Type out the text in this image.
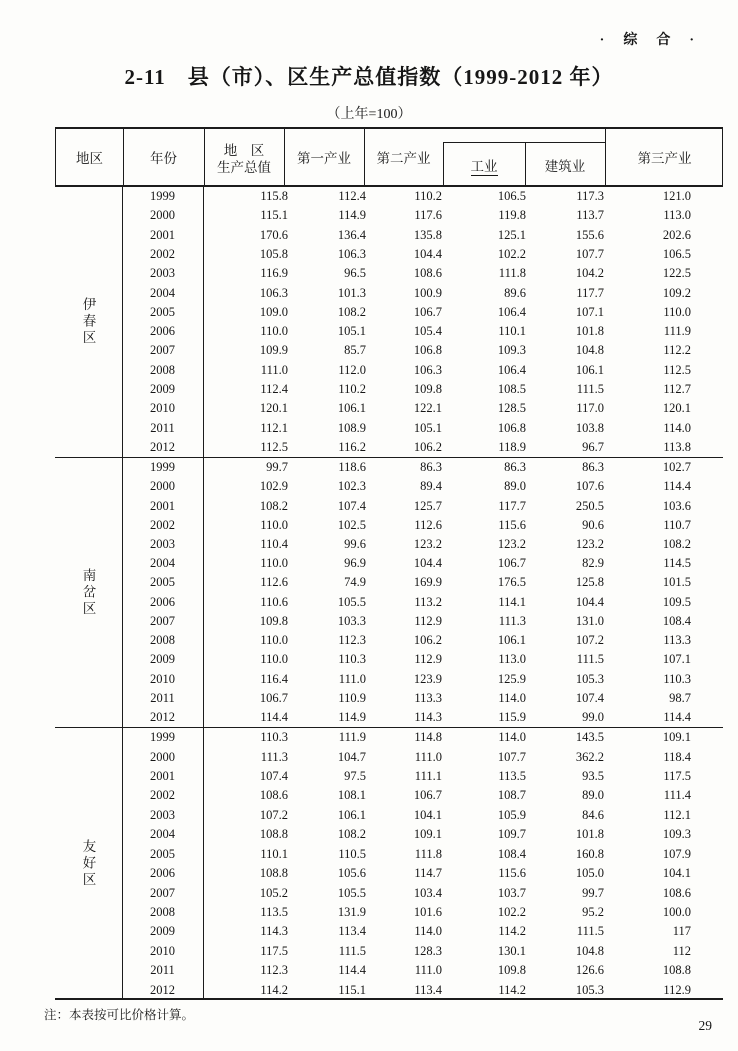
·  综  合  ·
2-11　县（市）、区生产总值指数（1999-2012 年）
（上年=100）
地区	年份
地　区
生产总值
第一产业	第二产业
工业	建筑业
第三产业
伊春区
1999	115.8	112.4	110.2	106.5	117.3	121.0
2000	115.1	114.9	117.6	119.8	113.7	113.0
2001	170.6	136.4	135.8	125.1	155.6	202.6
2002	105.8	106.3	104.4	102.2	107.7	106.5
2003	116.9	96.5	108.6	111.8	104.2	122.5
2004	106.3	101.3	100.9	89.6	117.7	109.2
2005	109.0	108.2	106.7	106.4	107.1	110.0
2006	110.0	105.1	105.4	110.1	101.8	111.9
2007	109.9	85.7	106.8	109.3	104.8	112.2
2008	111.0	112.0	106.3	106.4	106.1	112.5
2009	112.4	110.2	109.8	108.5	111.5	112.7
2010	120.1	106.1	122.1	128.5	117.0	120.1
2011	112.1	108.9	105.1	106.8	103.8	114.0
2012	112.5	116.2	106.2	118.9	96.7	113.8
南岔区
1999	99.7	118.6	86.3	86.3	86.3	102.7
2000	102.9	102.3	89.4	89.0	107.6	114.4
2001	108.2	107.4	125.7	117.7	250.5	103.6
2002	110.0	102.5	112.6	115.6	90.6	110.7
2003	110.4	99.6	123.2	123.2	123.2	108.2
2004	110.0	96.9	104.4	106.7	82.9	114.5
2005	112.6	74.9	169.9	176.5	125.8	101.5
2006	110.6	105.5	113.2	114.1	104.4	109.5
2007	109.8	103.3	112.9	111.3	131.0	108.4
2008	110.0	112.3	106.2	106.1	107.2	113.3
2009	110.0	110.3	112.9	113.0	111.5	107.1
2010	116.4	111.0	123.9	125.9	105.3	110.3
2011	106.7	110.9	113.3	114.0	107.4	98.7
2012	114.4	114.9	114.3	115.9	99.0	114.4
友好区
1999	110.3	111.9	114.8	114.0	143.5	109.1
2000	111.3	104.7	111.0	107.7	362.2	118.4
2001	107.4	97.5	111.1	113.5	93.5	117.5
2002	108.6	108.1	106.7	108.7	89.0	111.4
2003	107.2	106.1	104.1	105.9	84.6	112.1
2004	108.8	108.2	109.1	109.7	101.8	109.3
2005	110.1	110.5	111.8	108.4	160.8	107.9
2006	108.8	105.6	114.7	115.6	105.0	104.1
2007	105.2	105.5	103.4	103.7	99.7	108.6
2008	113.5	131.9	101.6	102.2	95.2	100.0
2009	114.3	113.4	114.0	114.2	111.5	117
2010	117.5	111.5	128.3	130.1	104.8	112
2011	112.3	114.4	111.0	109.8	126.6	108.8
2012	114.2	115.1	113.4	114.2	105.3	112.9
注：本表按可比价格计算。
29
